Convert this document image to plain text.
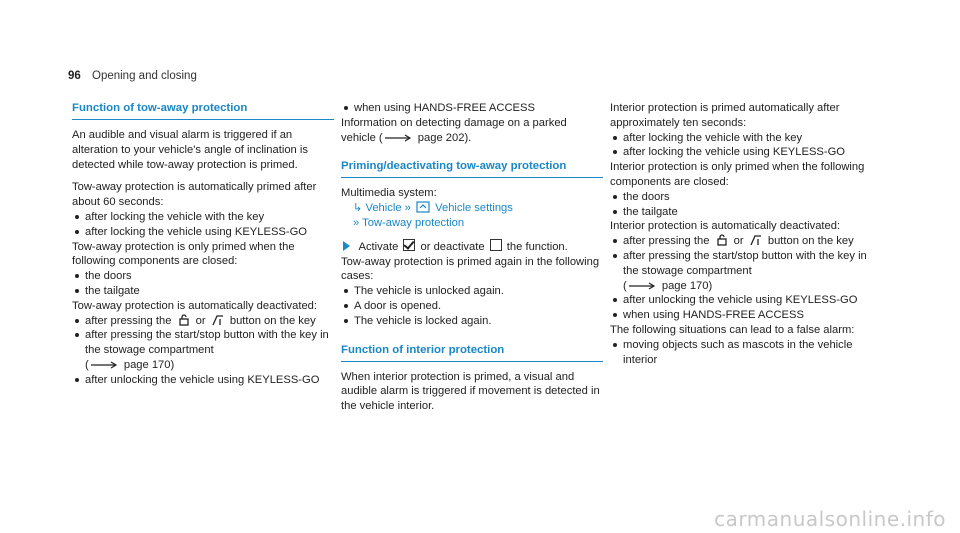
96 Opening and closing
Function of tow-away protection

An audible and visual alarm is triggered if an alteration to your vehicle's angle of inclination is detected while tow-away protection is primed.

Tow-away protection is automatically primed after about 60 seconds:

after locking the vehicle with the key
after locking the vehicle using KEYLESS-GO

Tow-away protection is only primed when the following components are closed:

the doors
the tailgate

Tow-away protection is automatically deactivated:

after pressing the or button on the key
after pressing the start/stop button with the key in the stowage compartment
(	page 170)
after unlocking the vehicle using KEYLESS-GO
when using HANDS-FREE ACCESS

Information on detecting damage on a parked vehicle (	page 202).

Priming/deactivating tow-away protection

Multimedia system:

↳ Vehicle » Vehicle settings
» Tow-away protection

Activate or deactivate the function.

Tow-away protection is primed again in the following cases:

The vehicle is unlocked again.
A door is opened.
The vehicle is locked again.
Function of interior protection

When interior protection is primed, a visual and audible alarm is triggered if movement is detected in the vehicle interior.

Interior protection is primed automatically after approximately ten seconds:

after locking the vehicle with the key
after locking the vehicle using KEYLESS-GO

Interior protection is only primed when the following components are closed:

the doors
the tailgate

Interior protection is automatically deactivated:

after pressing the or button on the key
after pressing the start/stop button with the key in the stowage compartment
(	page 170)
after unlocking the vehicle using KEYLESS-GO
when using HANDS-FREE ACCESS

The following situations can lead to a false alarm:

moving objects such as mascots in the vehicle interior
carmanualsonline.info
